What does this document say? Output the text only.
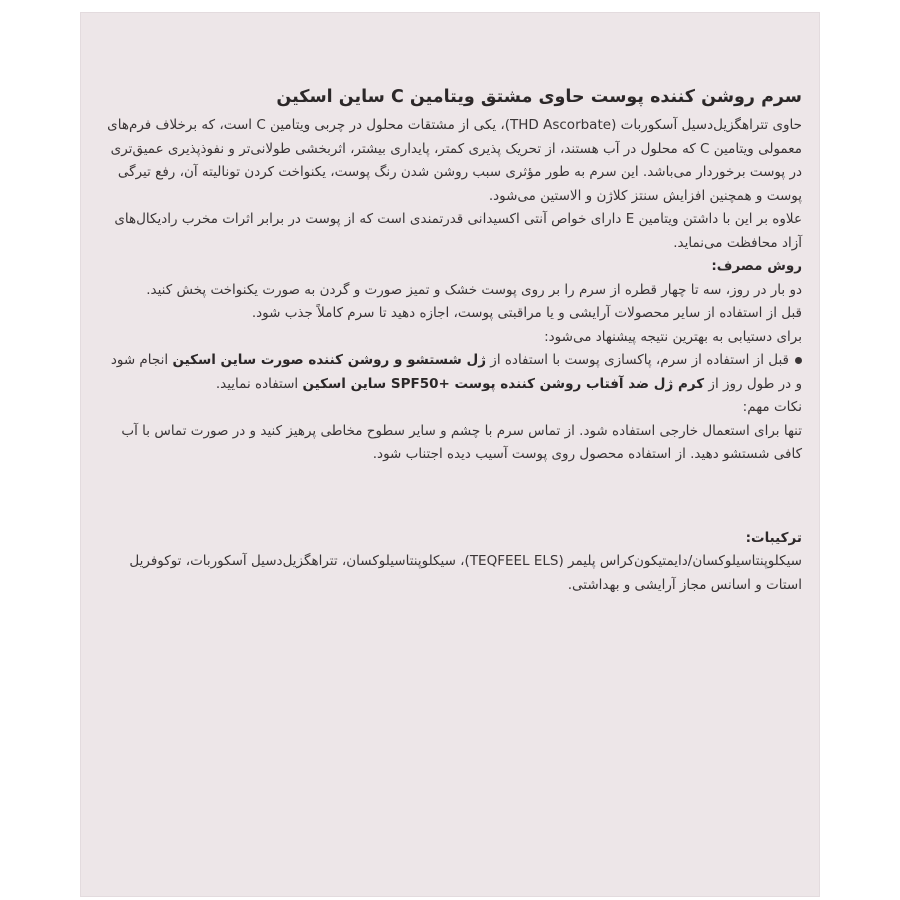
سرم روشن کننده پوست حاوی مشتق ویتامین C ساین اسکین

حاوی تتراهگزیل‌دسیل آسکوربات (THD Ascorbate)، یکی از مشتقات محلول در چربی ویتامین C است، که برخلاف فرم‌های معمولی ویتامین C که محلول در آب هستند، از تحریک پذیری کمتر، پایداری بیشتر، اثربخشی طولانی‌تر و نفوذپذیری عمیق‌تری در پوست برخوردار می‌باشد. این سرم به طور مؤثری سبب روشن شدن رنگ پوست، یکنواخت کردن تونالیته آن، رفع تیرگی پوست و همچنین افزایش سنتز کلاژن و الاستین می‌شود.

علاوه بر این با داشتن ویتامین E دارای خواص آنتی اکسیدانی قدرتمندی است که از پوست در برابر اثرات مخرب رادیکال‌های آزاد محافظت می‌نماید.

روش مصرف:

دو بار در روز، سه تا چهار قطره از سرم را بر روی پوست خشک و تمیز صورت و گردن به صورت یکنواخت پخش کنید.

قبل از استفاده از سایر محصولات آرایشی و یا مراقبتی پوست، اجازه دهید تا سرم کاملاً جذب شود.

برای دستیابی به بهترین نتیجه پیشنهاد می‌شود:

قبل از استفاده از سرم، پاکسازی پوست با استفاده از ژل شستشو و روشن کننده صورت ساین اسکین انجام شود و در طول روز از کرم ژل ضد آفتاب روشن کننده پوست +SPF50 ساین اسکین استفاده نمایید.

نکات مهم:

تنها برای استعمال خارجی استفاده شود. از تماس سرم با چشم و سایر سطوح مخاطی پرهیز کنید و در صورت تماس با آب کافی شستشو دهید. از استفاده محصول روی پوست آسیب دیده اجتناب شود.

ترکیبات:

سیکلوپنتاسیلوکسان/دایمتیکون‌کراس پلیمر (TEQFEEL ELS)، سیکلوپنتاسیلوکسان، تتراهگزیل‌دسیل آسکوربات، توکوفریل استات و اسانس مجاز آرایشی و بهداشتی.
